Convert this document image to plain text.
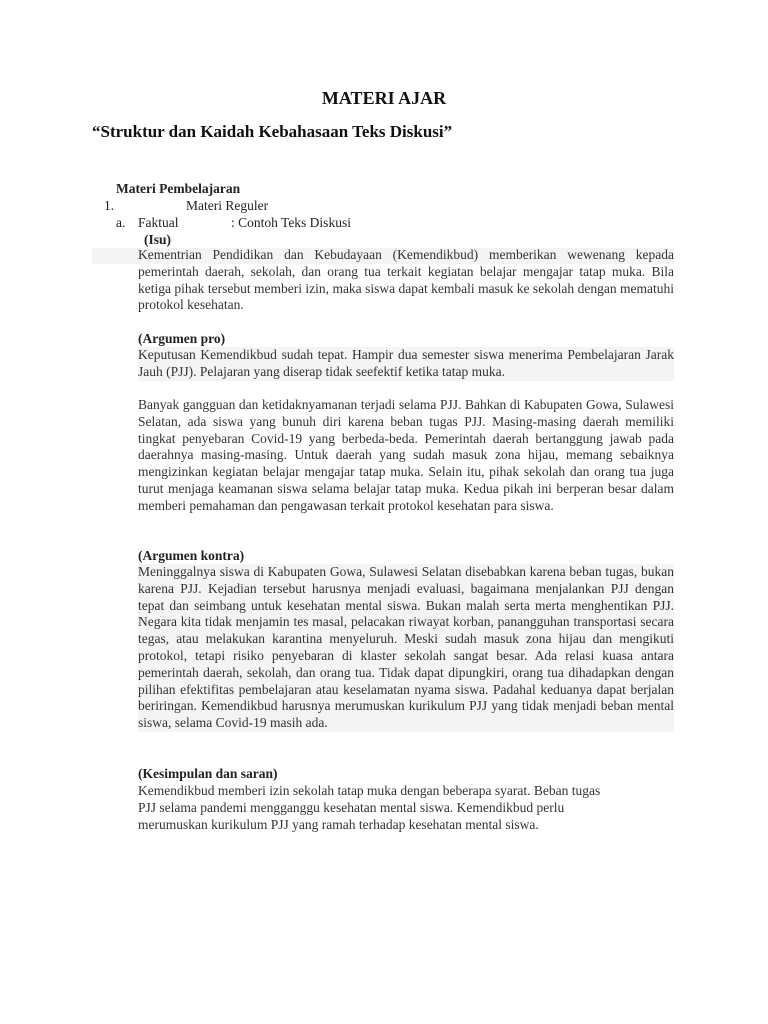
MATERI AJAR
“Struktur dan Kaidah Kebahasaan Teks Diskusi”
Materi Pembelajaran
1.	Materi Reguler
a. Faktual	: Contoh Teks Diskusi
(Isu)
Kementrian Pendidikan dan Kebudayaan (Kemendikbud) memberikan wewenang kepada pemerintah daerah, sekolah, dan orang tua terkait kegiatan belajar mengajar tatap muka. Bila ketiga pihak tersebut memberi izin, maka siswa dapat kembali masuk ke sekolah dengan mematuhi protokol kesehatan.
(Argumen pro)
Keputusan Kemendikbud sudah tepat. Hampir dua semester siswa menerima Pembelajaran Jarak Jauh (PJJ). Pelajaran yang diserap tidak seefektif ketika tatap muka.
Banyak gangguan dan ketidaknyamanan terjadi selama PJJ. Bahkan di Kabupaten Gowa, Sulawesi Selatan, ada siswa yang bunuh diri karena beban tugas PJJ. Masing-masing daerah memiliki tingkat penyebaran Covid-19 yang berbeda-beda. Pemerintah daerah bertanggung jawab pada daerahnya masing-masing. Untuk daerah yang sudah masuk zona hijau, memang sebaiknya mengizinkan kegiatan belajar mengajar tatap muka. Selain itu, pihak sekolah dan orang tua juga turut menjaga keamanan siswa selama belajar tatap muka. Kedua pikah ini berperan besar dalam memberi pemahaman dan pengawasan terkait protokol kesehatan para siswa.
(Argumen kontra)
Meninggalnya siswa di Kabupaten Gowa, Sulawesi Selatan disebabkan karena beban tugas, bukan karena PJJ. Kejadian tersebut harusnya menjadi evaluasi, bagaimana menjalankan PJJ dengan tepat dan seimbang untuk kesehatan mental siswa. Bukan malah serta merta menghentikan PJJ. Negara kita tidak menjamin tes masal, pelacakan riwayat korban, panangguhan transportasi secara tegas, atau melakukan karantina menyeluruh. Meski sudah masuk zona hijau dan mengikuti protokol, tetapi risiko penyebaran di klaster sekolah sangat besar. Ada relasi kuasa antara pemerintah daerah, sekolah, dan orang tua. Tidak dapat dipungkiri, orang tua dihadapkan dengan pilihan efektifitas pembelajaran atau keselamatan nyama siswa. Padahal keduanya dapat berjalan beriringan. Kemendikbud harusnya merumuskan kurikulum PJJ yang tidak menjadi beban mental siswa, selama Covid-19 masih ada.
(Kesimpulan dan saran)
Kemendikbud memberi izin sekolah tatap muka dengan beberapa syarat. Beban tugas
PJJ selama pandemi mengganggu kesehatan mental siswa. Kemendikbud perlu
merumuskan kurikulum PJJ yang ramah terhadap kesehatan mental siswa.
